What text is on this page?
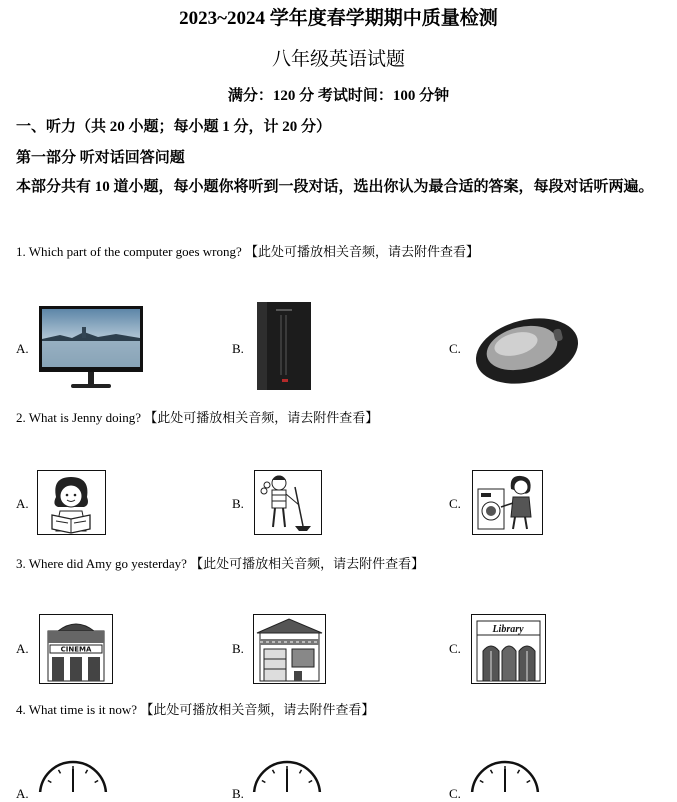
2023~2024 学年度春学期期中质量检测
八年级英语试题
满分：120 分 考试时间：100 分钟
一、听力（共 20 小题；每小题 1 分，计 20 分）
第一部分 听对话回答问题
本部分共有 10 道小题，每小题你将听到一段对话，选出你认为最合适的答案，每段对话听两遍。
1. Which part of the computer goes wrong? 【此处可播放相关音频，请去附件查看】
A.	B.	C.
2. What is Jenny doing? 【此处可播放相关音频，请去附件查看】
A.	B.	C.
3. Where did Amy go yesterday? 【此处可播放相关音频，请去附件查看】
A.	B.	C.
CINEMA
Library
4. What time is it now? 【此处可播放相关音频，请去附件查看】
A.	B.	C.
